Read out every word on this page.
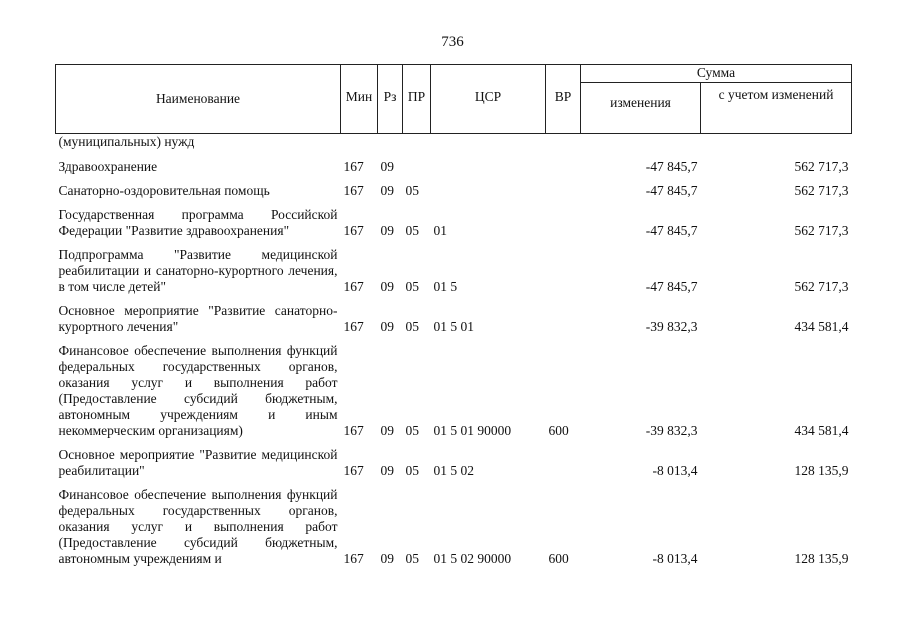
736
Наименование	Мин	Рз	ПР	ЦСР	ВР	Сумма	
						изменения	с учетом изменений
(муниципальных) нужд							

Здравоохранение	167	09				-47 845,7	562 717,3

Санаторно-оздоровительная помощь	167	09	05			-47 845,7	562 717,3

Государственная программа Российской Федерации "Развитие здравоохранения"	167	09	05	01		-47 845,7	562 717,3

Подпрограмма "Развитие медицинской реабилитации и санаторно-курортного лечения, в том числе детей"	167	09	05	01 5		-47 845,7	562 717,3

Основное мероприятие "Развитие санаторно-курортного лечения"	167	09	05	01 5 01		-39 832,3	434 581,4

Финансовое обеспечение выполнения функций федеральных государственных органов, оказания услуг и выполнения работ (Предоставление субсидий бюджетным, автономным учреждениям и иным некоммерческим организациям)	167	09	05	01 5 01 90000	600	-39 832,3	434 581,4

Основное мероприятие "Развитие медицинской реабилитации"	167	09	05	01 5 02		-8 013,4	128 135,9

Финансовое обеспечение выполнения функций федеральных государственных органов, оказания услуг и выполнения работ (Предоставление субсидий бюджетным, автономным учреждениям и	167	09	05	01 5 02 90000	600	-8 013,4	128 135,9
